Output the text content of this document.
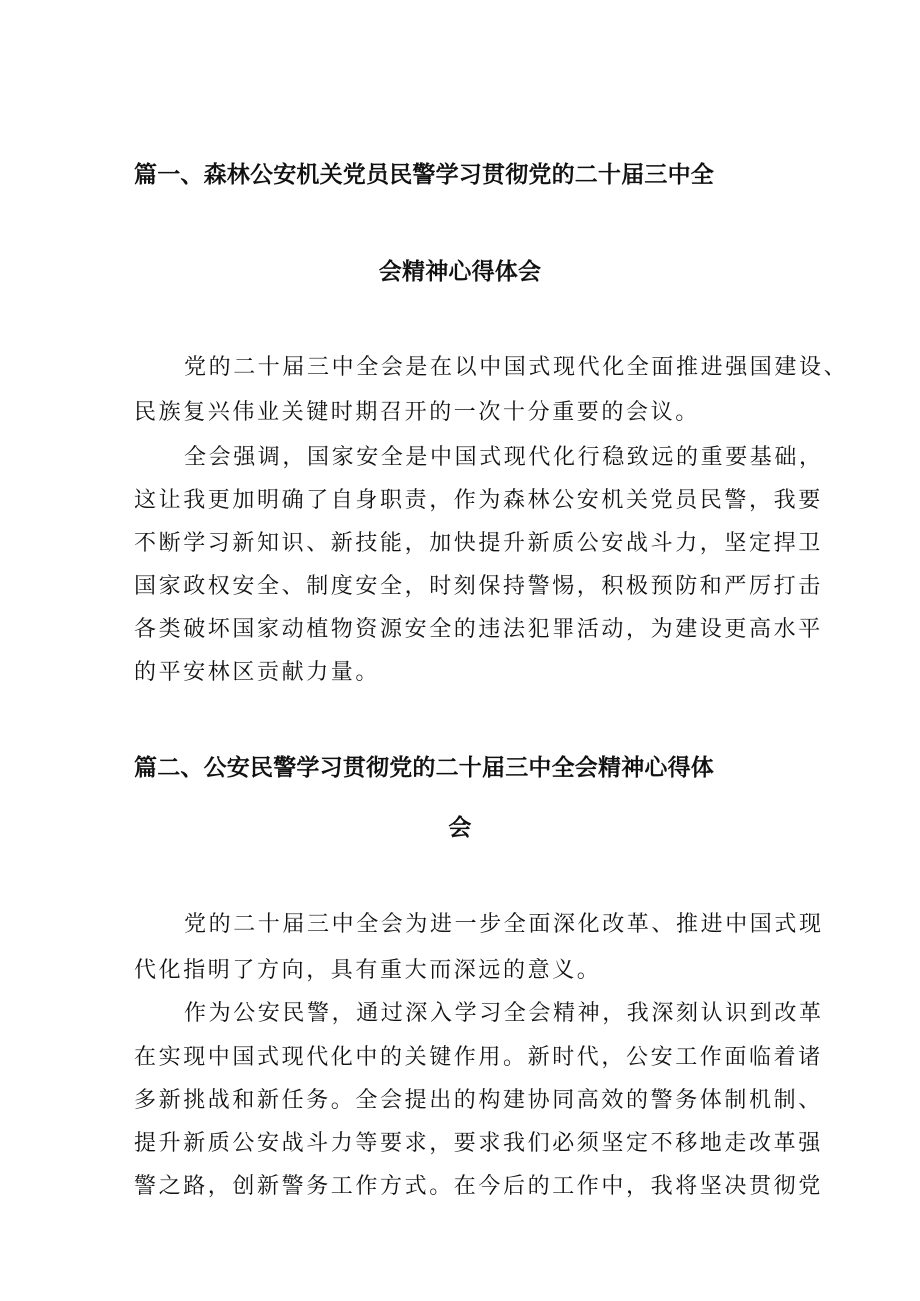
篇一、森林公安机关党员民警学习贯彻党的二十届三中全
会精神心得体会
党的二十届三中全会是在以中国式现代化全面推进强国建设、
民族复兴伟业关键时期召开的一次十分重要的会议。
全会强调，国家安全是中国式现代化行稳致远的重要基础，
这让我更加明确了自身职责，作为森林公安机关党员民警，我要
不断学习新知识、新技能，加快提升新质公安战斗力，坚定捍卫
国家政权安全、制度安全，时刻保持警惕，积极预防和严厉打击
各类破坏国家动植物资源安全的违法犯罪活动，为建设更高水平
的平安林区贡献力量。
篇二、公安民警学习贯彻党的二十届三中全会精神心得体
会
党的二十届三中全会为进一步全面深化改革、推进中国式现
代化指明了方向，具有重大而深远的意义。
作为公安民警，通过深入学习全会精神，我深刻认识到改革
在实现中国式现代化中的关键作用。新时代，公安工作面临着诸
多新挑战和新任务。全会提出的构建协同高效的警务体制机制、
提升新质公安战斗力等要求，要求我们必须坚定不移地走改革强
警之路，创新警务工作方式。在今后的工作中，我将坚决贯彻党
